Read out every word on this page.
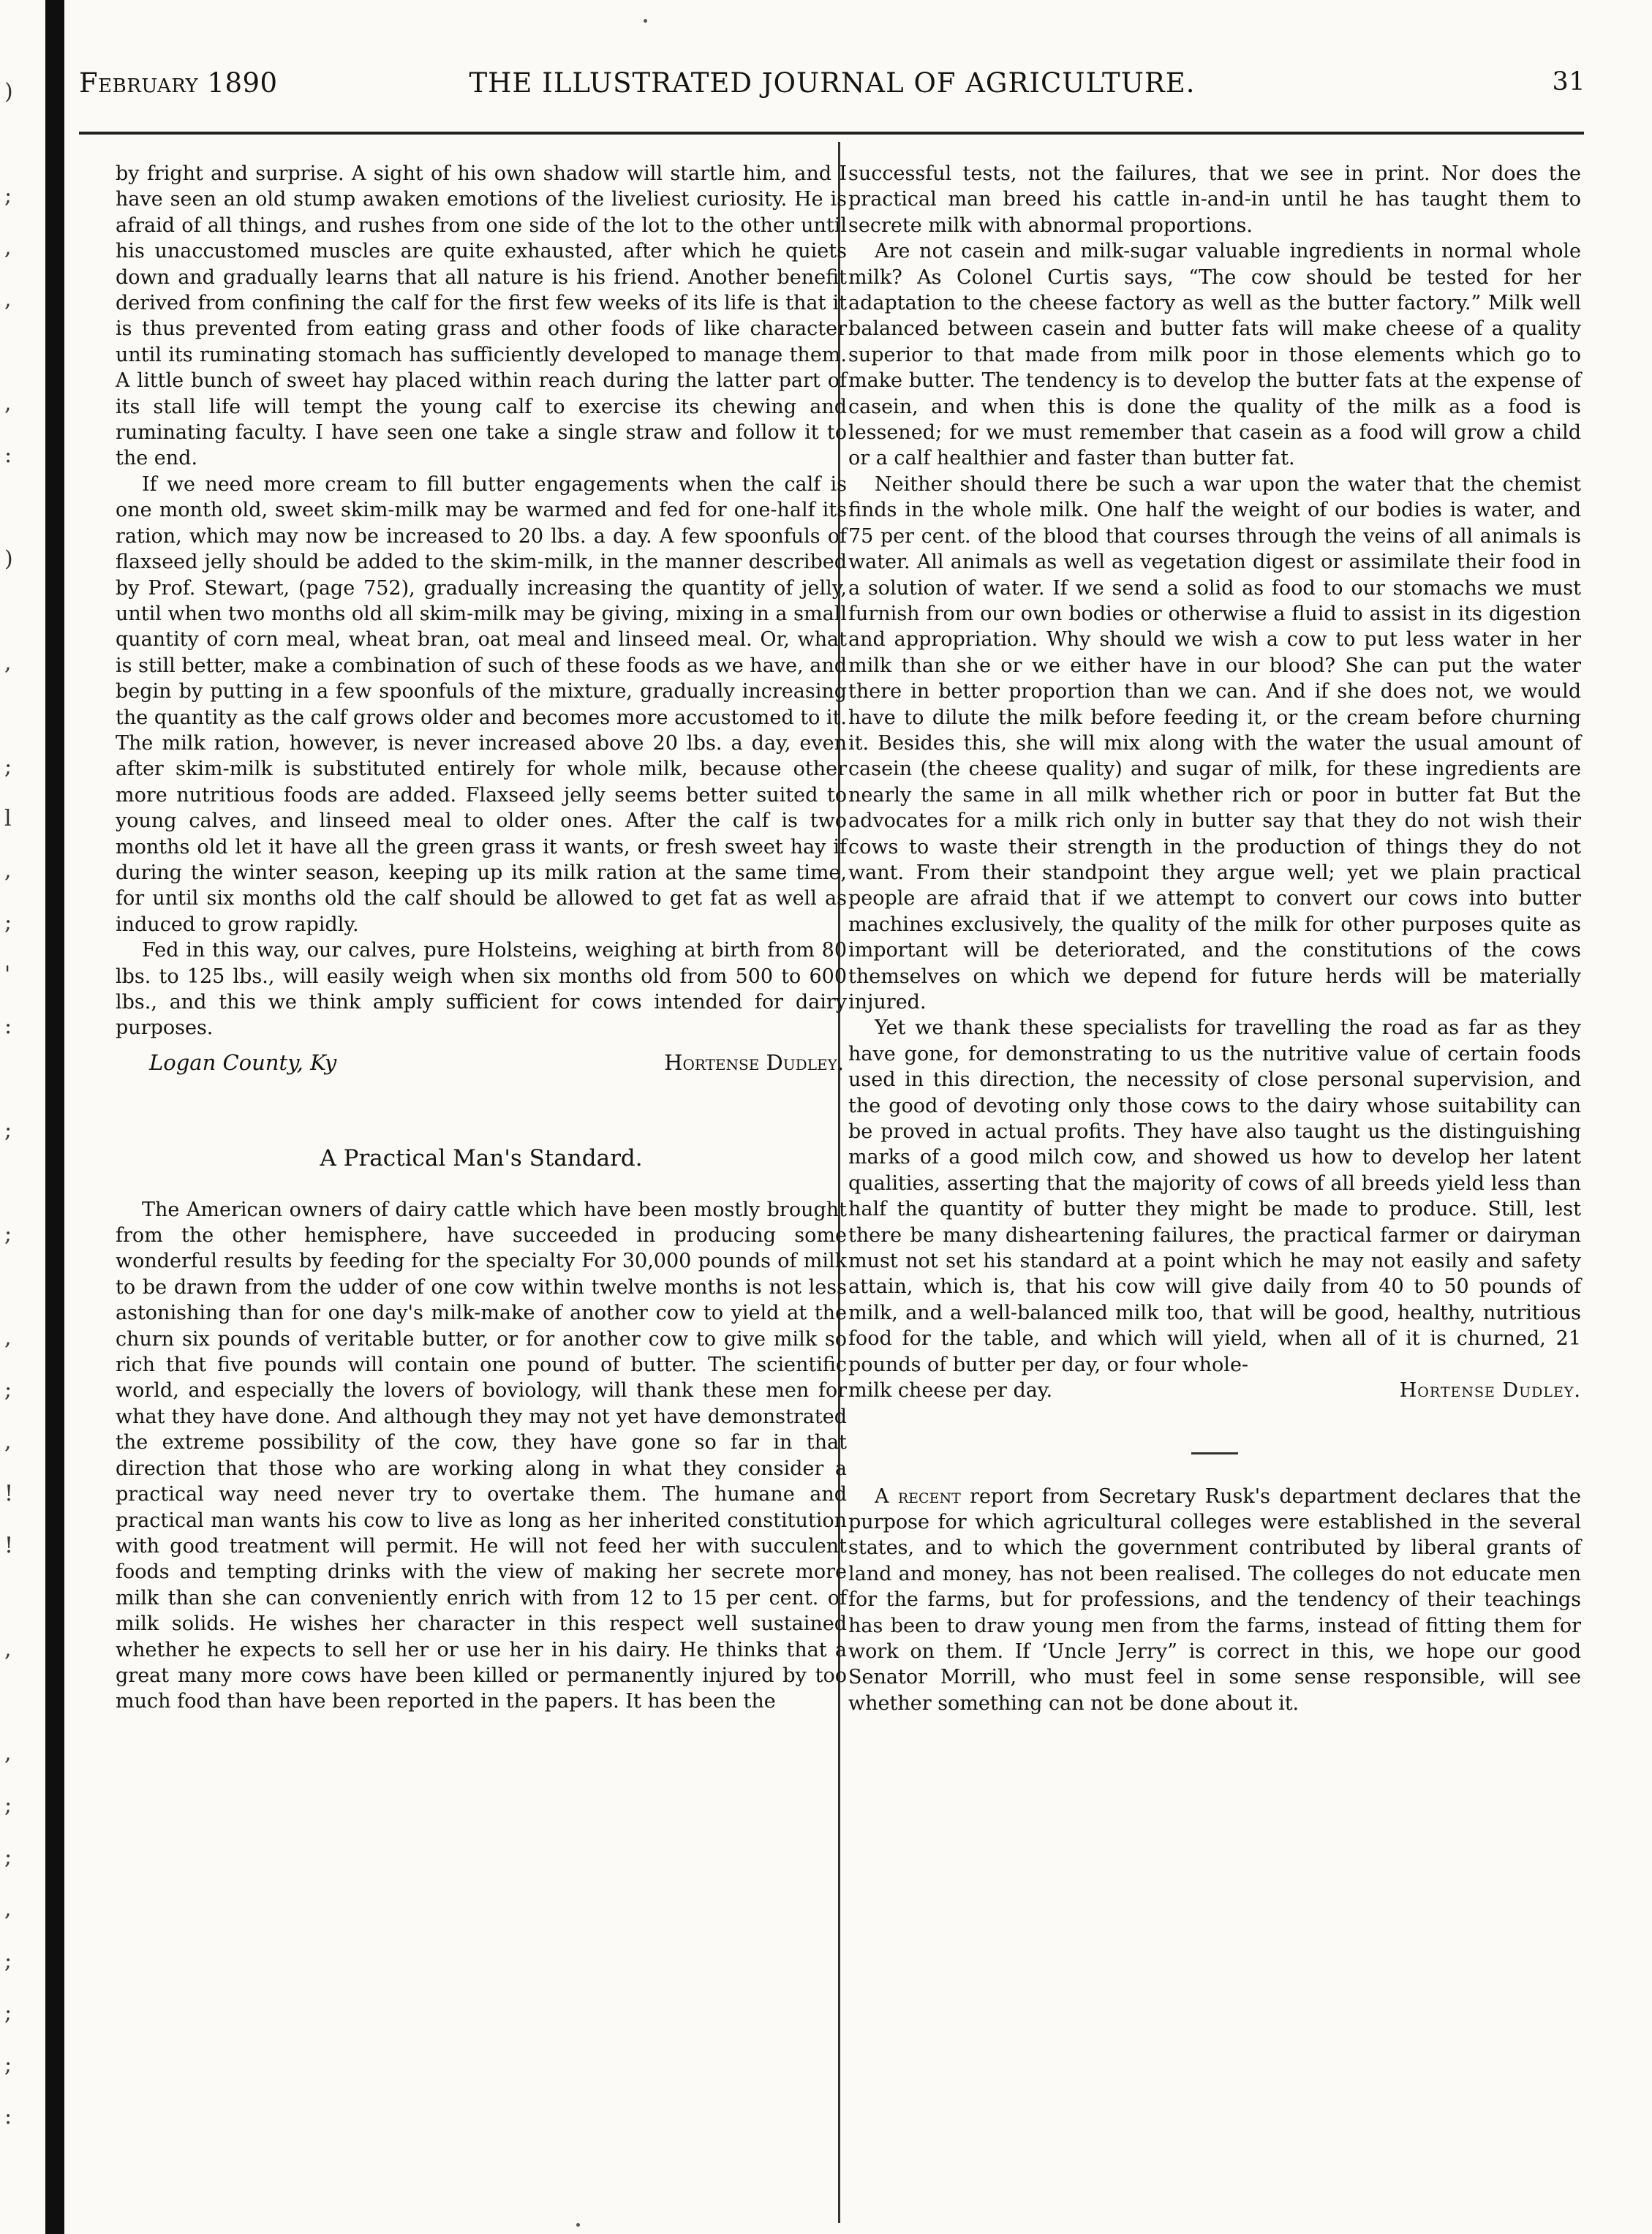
)
;
,
,
,
:
)
,
;
l
,
;
'
:
;
;
,
;
,
!
!
,
,
;
;
,
;
;
;
:
THE ILLUSTRATED JOURNAL OF AGRICULTURE.
February 1890	31

by fright and surprise. A sight of his own shadow will startle him, and I have seen an old stump awaken emotions of the liveliest curiosity. He is afraid of all things, and rushes from one side of the lot to the other until his unaccustomed muscles are quite exhausted, after which he quiets down and gradually learns that all nature is his friend. Another benefit derived from confining the calf for the first few weeks of its life is that it is thus prevented from eating grass and other foods of like character until its ruminating stomach has sufficiently developed to manage them. A little bunch of sweet hay placed within reach during the latter part of its stall life will tempt the young calf to exercise its chewing and ruminating faculty. I have seen one take a single straw and follow it to the end.

If we need more cream to fill butter engagements when the calf is one month old, sweet skim-milk may be warmed and fed for one-half its ration, which may now be increased to 20 lbs. a day. A few spoonfuls of flaxseed jelly should be added to the skim-milk, in the manner described by Prof. Stewart, (page 752), gradually increasing the quantity of jelly, until when two months old all skim-milk may be giving, mixing in a small quantity of corn meal, wheat bran, oat meal and linseed meal. Or, what is still better, make a combination of such of these foods as we have, and begin by putting in a few spoonfuls of the mixture, gradually increasing the quantity as the calf grows older and becomes more accustomed to it. The milk ration, however, is never increased above 20 lbs. a day, even after skim-milk is substituted entirely for whole milk, because other more nutritious foods are added. Flaxseed jelly seems better suited to young calves, and linseed meal to older ones. After the calf is two months old let it have all the green grass it wants, or fresh sweet hay if during the winter season, keeping up its milk ration at the same time, for until six months old the calf should be allowed to get fat as well as induced to grow rapidly.

Fed in this way, our calves, pure Holsteins, weighing at birth from 80 lbs. to 125 lbs., will easily weigh when six months old from 500 to 600 lbs., and this we think amply sufficient for cows intended for dairy purposes.

Logan County, Ky	Hortense Dudley.
A Practical Man's Standard.

The American owners of dairy cattle which have been mostly brought from the other hemisphere, have succeeded in producing some wonderful results by feeding for the specialty For 30,000 pounds of milk to be drawn from the udder of one cow within twelve months is not less astonishing than for one day's milk-make of another cow to yield at the churn six pounds of veritable butter, or for another cow to give milk so rich that five pounds will contain one pound of butter. The scientific world, and especially the lovers of boviology, will thank these men for what they have done. And although they may not yet have demonstrated the extreme possibility of the cow, they have gone so far in that direction that those who are working along in what they consider a practical way need never try to overtake them. The humane and practical man wants his cow to live as long as her inherited constitution with good treatment will permit. He will not feed her with succulent foods and tempting drinks with the view of making her secrete more milk than she can conveniently enrich with from 12 to 15 per cent. of milk solids. He wishes her character in this respect well sustained whether he expects to sell her or use her in his dairy. He thinks that a great many more cows have been killed or permanently injured by too much food than have been reported in the papers. It has been the

successful tests, not the failures, that we see in print. Nor does the practical man breed his cattle in-and-in until he has taught them to secrete milk with abnormal proportions.

Are not casein and milk-sugar valuable ingredients in normal whole milk? As Colonel Curtis says, “The cow should be tested for her adaptation to the cheese factory as well as the butter factory.” Milk well balanced between casein and butter fats will make cheese of a quality superior to that made from milk poor in those elements which go to make butter. The tendency is to develop the butter fats at the expense of casein, and when this is done the quality of the milk as a food is lessened; for we must remember that casein as a food will grow a child or a calf healthier and faster than butter fat.

Neither should there be such a war upon the water that the chemist finds in the whole milk. One half the weight of our bodies is water, and 75 per cent. of the blood that courses through the veins of all animals is water. All animals as well as vegetation digest or assimilate their food in a solution of water. If we send a solid as food to our stomachs we must furnish from our own bodies or otherwise a fluid to assist in its digestion and appropriation. Why should we wish a cow to put less water in her milk than she or we either have in our blood? She can put the water there in better proportion than we can. And if she does not, we would have to dilute the milk before feeding it, or the cream before churning it. Besides this, she will mix along with the water the usual amount of casein (the cheese quality) and sugar of milk, for these ingredients are nearly the same in all milk whether rich or poor in butter fat But the advocates for a milk rich only in butter say that they do not wish their cows to waste their strength in the production of things they do not want. From their standpoint they argue well; yet we plain practical people are afraid that if we attempt to convert our cows into butter machines exclusively, the quality of the milk for other purposes quite as important will be deteriorated, and the constitutions of the cows themselves on which we depend for future herds will be materially injured.

Yet we thank these specialists for travelling the road as far as they have gone, for demonstrating to us the nutritive value of certain foods used in this direction, the necessity of close personal supervision, and the good of devoting only those cows to the dairy whose suitability can be proved in actual profits. They have also taught us the distinguishing marks of a good milch cow, and showed us how to develop her latent qualities, asserting that the majority of cows of all breeds yield less than half the quantity of butter they might be made to produce. Still, lest there be many disheartening failures, the practical farmer or dairyman must not set his standard at a point which he may not easily and safety attain, which is, that his cow will give daily from 40 to 50 pounds of milk, and a well-balanced milk too, that will be good, healthy, nutritious food for the table, and which will yield, when all of it is churned, 21 pounds of butter per day, or four whole-

milk cheese per day.	Hortense Dudley.

A recent report from Secretary Rusk's department declares that the purpose for which agricultural colleges were established in the several states, and to which the government contributed by liberal grants of land and money, has not been realised. The colleges do not educate men for the farms, but for professions, and the tendency of their teachings has been to draw young men from the farms, instead of fitting them for work on them. If ‘Uncle Jerry” is correct in this, we hope our good Senator Morrill, who must feel in some sense responsible, will see whether something can not be done about it.
